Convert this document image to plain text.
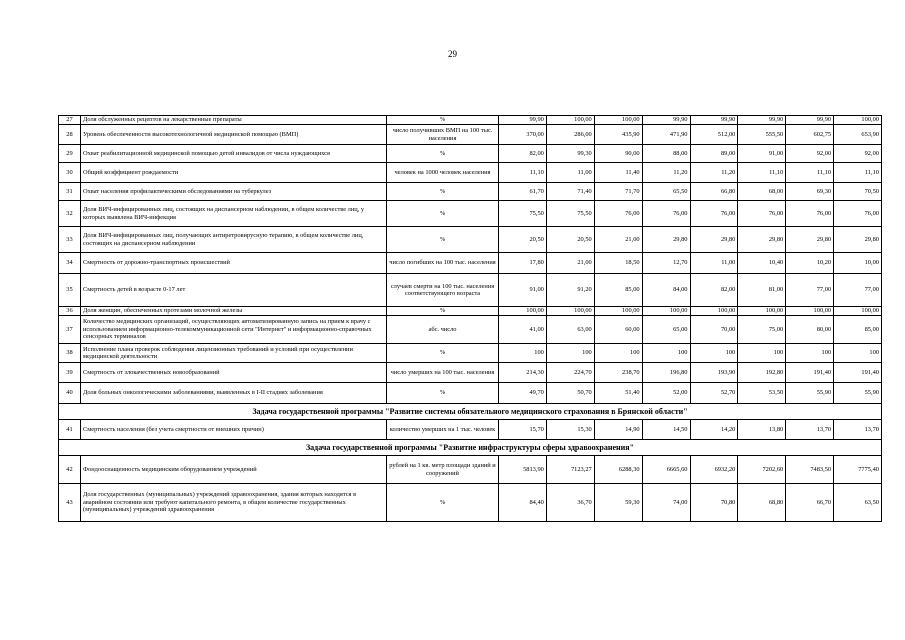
29
27	Доля обслуженных рецептов на лекарственные препараты	%	99,90	100,00	100,00	99,90	99,90	99,90	99,90	100,00
28	Уровень обеспеченности высокотехнологичной медицинской помощью (ВМП)	число получивших ВМП на 100 тыс. населения	370,00	286,00	435,90	471,90	512,00	555,50	602,75	653,90
29	Охват реабилитационной медицинской помощью детей инвалидов от числа нуждающихся	%	82,00	99,30	90,00	88,00	89,00	91,00	92,00	92,00
30	Общий коэффициент рождаемости	человек на 1000 человек населения	11,10	11,00	11,40	11,20	11,20	11,10	11,10	11,10
31	Охват населения профилактическими обследованиями на туберкулез	%	61,70	71,40	71,70	65,50	66,80	68,00	69,30	70,50
32	Доля ВИЧ-инфицированных лиц, состоящих на диспансерном наблюдении, в общем количестве лиц, у которых выявлена ВИЧ-инфекция	%	75,50	75,50	76,00	76,00	76,00	76,00	76,00	76,00
33	Доля ВИЧ-инфицированных лиц, получающих антиретровирусную терапию, в общем количестве лиц, состоящих на диспансерном наблюдении	%	20,50	20,50	21,00	29,80	29,80	29,80	29,80	29,80
34	Смертность от дорожно-транспортных происшествий	число погибших на 100 тыс. населения	17,80	21,00	18,50	12,70	11,00	10,40	10,20	10,00
35	Смертность детей в возрасте 0-17 лет	случаев смерти на 100 тыс. населения соответствующего возраста	91,00	91,20	85,00	84,00	82,00	81,00	77,00	77,00
36	Доля женщин, обеспеченных протезами молочной железы	%	100,00	100,00	100,00	100,00	100,00	100,00	100,00	100,00
37	Количество медицинских организаций, осуществляющих автоматизированную запись на прием к врачу с использованием информационно-телекоммуникационной сети "Интернет" и информационно-справочных сенсорных терминалов	абс. число	41,00	63,00	60,00	65,00	70,00	75,00	80,00	85,00
38	Исполнение плана проверок соблюдения лицензионных требований и условий при осуществлении медицинской деятельности	%	100	100	100	100	100	100	100	100
39	Смертность от злокачественных новообразований	число умерших на 100 тыс. населения	214,30	224,70	238,70	196,80	193,90	192,80	191,40	191,40
40	Доля больных онкологическими заболеваниями, выявленных в I-II стадиях заболевания	%	49,70	50,70	51,40	52,00	52,70	53,50	55,90	55,90
Задача государственной программы "Развитие системы обязательного медицинского страхования в Брянской области"										
41	Смертность населения (без учета смертности от внешних причин)	количество умерших на 1 тыс. человек	15,70	15,30	14,90	14,50	14,20	13,80	13,70	13,70
Задача государственной программы "Развитие инфраструктуры сферы здравоохранения"										
42	Фондооснащенность медицинским оборудованием учреждений	рублей на 1 кв. метр площади зданий и сооружений	5813,90	7123,27	6288,30	6665,60	6932,20	7202,60	7483,50	7775,40
43	Доля государственных (муниципальных) учреждений здравоохранения, здания которых находятся в аварийном состоянии или требуют капитального ремонта, в общем количестве государственных (муниципальных) учреждений здравоохранения	%	84,40	36,70	59,30	74,00	70,80	68,80	66,70	63,50
